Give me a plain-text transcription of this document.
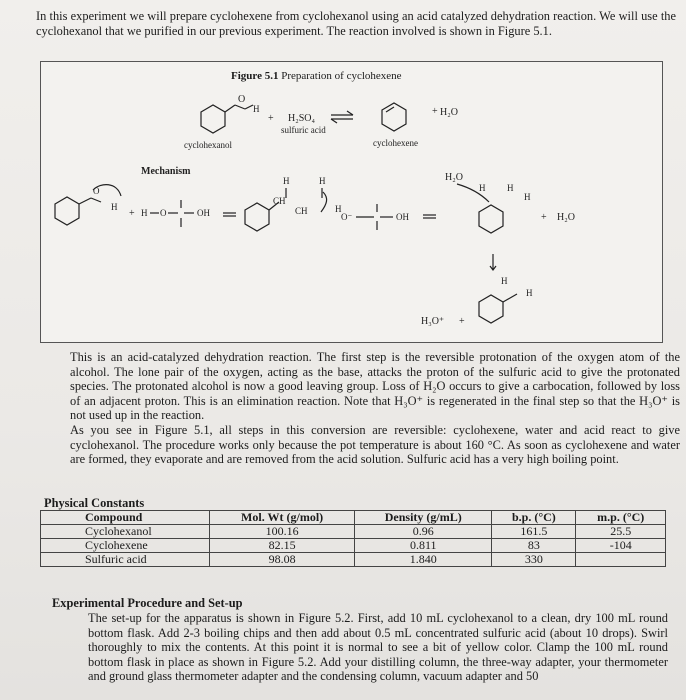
In this experiment we will prepare cyclohexene from cyclohexanol using an acid catalyzed dehydration reaction. We will use the cyclohexanol that we purified in our previous experiment. The reaction involved is shown in Figure 5.1.

Figure 5.1 Preparation of cyclohexene
O
H
cyclohexanol
+ H₂SO₄
sulfuric acid
cyclohexene
+ H₂O
Mechanism
O
H
+ H O	OH
CH
CH
H	H
H
O⁻	OH
H₂O
H H
H
+ H₂O
H
H
H₃O⁺ +
This is an acid-catalyzed dehydration reaction. The first step is the reversible protonation of the oxygen atom of the alcohol. The lone pair of the oxygen, acting as the base, attacks the proton of the sulfuric acid to give the protonated species. The protonated alcohol is now a good leaving group. Loss of H₂O occurs to give a carbocation, followed by loss of an adjacent proton. This is an elimination reaction. Note that H₃O⁺ is regenerated in the final step so that the H₃O⁺ is not used up in the reaction.
As you see in Figure 5.1, all steps in this conversion are reversible: cyclohexene, water and acid react to give cyclohexanol. The procedure works only because the pot temperature is about 160 °C. As soon as cyclohexene and water are formed, they evaporate and are removed from the acid solution. Sulfuric acid has a very high boiling point.
Physical Constants
Compound	Mol. Wt (g/mol)	Density (g/mL)	b.p. (°C)	m.p. (°C)
Cyclohexanol	100.16	0.96	161.5	25.5
Cyclohexene	82.15	0.811	83	-104
Sulfuric acid	98.08	1.840	330	
Experimental Procedure and Set-up
The set-up for the apparatus is shown in Figure 5.2. First, add 10 mL cyclohexanol to a clean, dry 100 mL round bottom flask. Add 2-3 boiling chips and then add about 0.5 mL concentrated sulfuric acid (about 10 drops). Swirl thoroughly to mix the contents. At this point it is normal to see a bit of yellow color. Clamp the 100 mL round bottom flask in place as shown in Figure 5.2. Add your distilling column, the three-way adapter, your thermometer and ground glass thermometer adapter and the condensing column, vacuum adapter and 50
